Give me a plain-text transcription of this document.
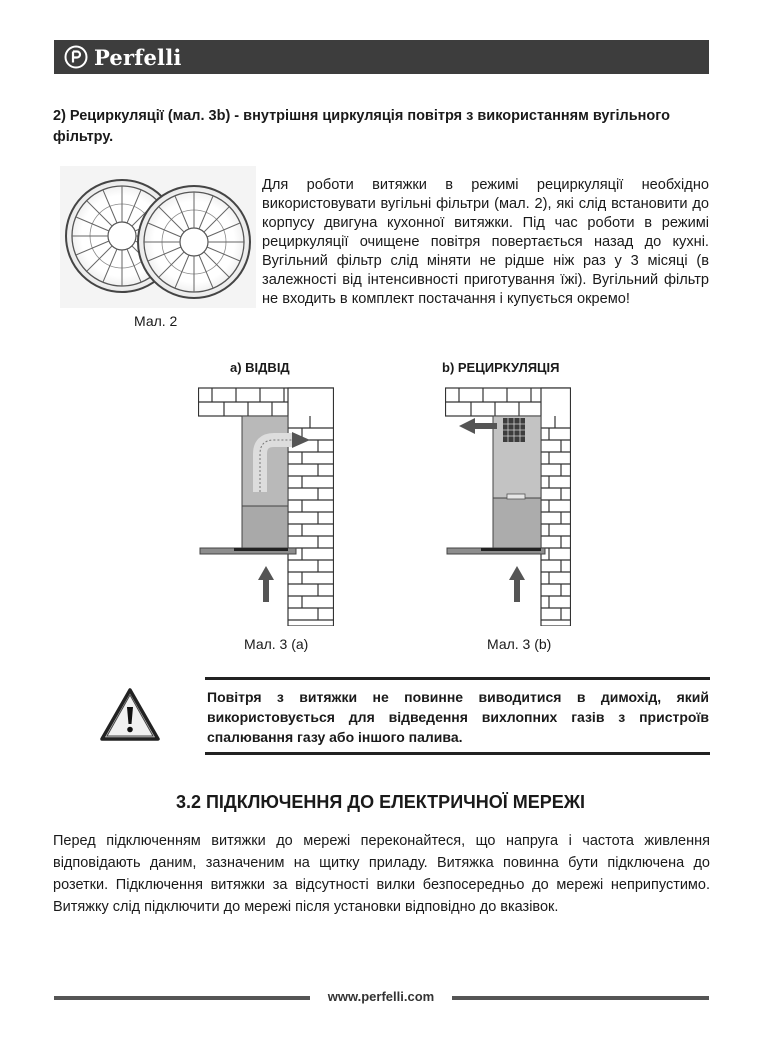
Perfelli
2) Рециркуляції (мал. 3b) - внутрішня циркуляція повітря з використанням вугільного фільтру.
Мал. 2
Для роботи витяжки в режимі рециркуляції необхідно використовувати вугільні фільтри (мал. 2), які слід встановити до корпусу двигуна кухонної витяжки. Під час роботи в режимі рециркуляції очищене повітря повертається назад до кухні. Вугільний фільтр слід міняти не рідше ніж раз у 3 місяці (в залежності від інтенсивності приготування їжі). Вугільний фільтр не входить в комплект постачання і купується окремо!
a) ВІДВІД	b) РЕЦИРКУЛЯЦІЯ
Мал. 3 (a)	Мал. 3 (b)
Повітря з витяжки не повинне виводитися в димохід, який використовується для відведення вихлопних газів з пристроїв спалювання газу або іншого палива.
3.2 ПІДКЛЮЧЕННЯ ДО ЕЛЕКТРИЧНОЇ МЕРЕЖІ
Перед підключенням витяжки до мережі переконайтеся, що напруга і частота живлення відповідають даним, зазначеним на щитку приладу. Витяжка повинна бути підключена до розетки. Підключення витяжки за відсутності вилки безпосередньо до мережі неприпустимо. Витяжку слід підключити до мережі після установки відповідно до вказівок.
www.perfelli.com
